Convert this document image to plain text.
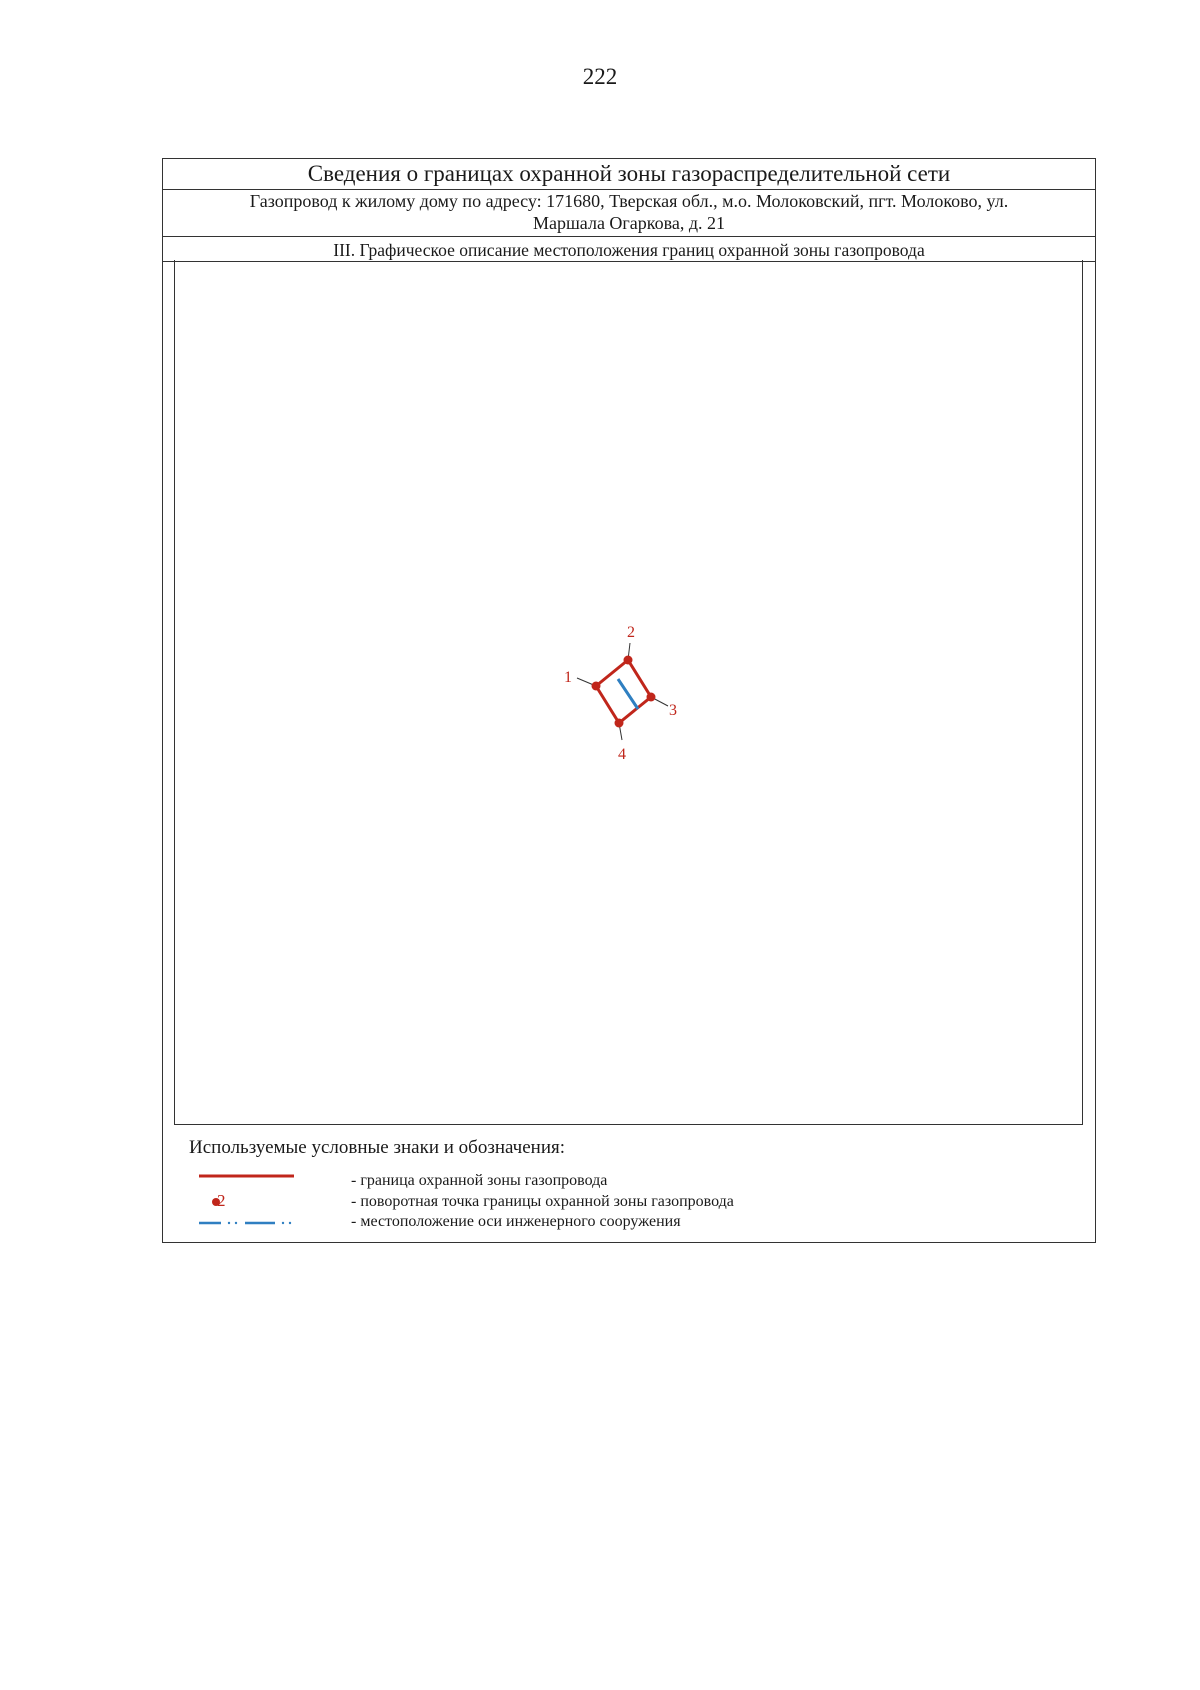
222
Сведения о границах охранной зоны газораспределительной сети
Газопровод к жилому дому по адресу: 171680, Тверская обл., м.о. Молоковский, пгт. Молоково, ул.
Маршала Огаркова, д. 21
III. Графическое описание местоположения границ охранной зоны газопровода
1
2
3
4
Используемые условные знаки и обозначения:
- граница охранной зоны газопровода
2	- поворотная точка границы охранной зоны газопровода
- местоположение оси инженерного сооружения
